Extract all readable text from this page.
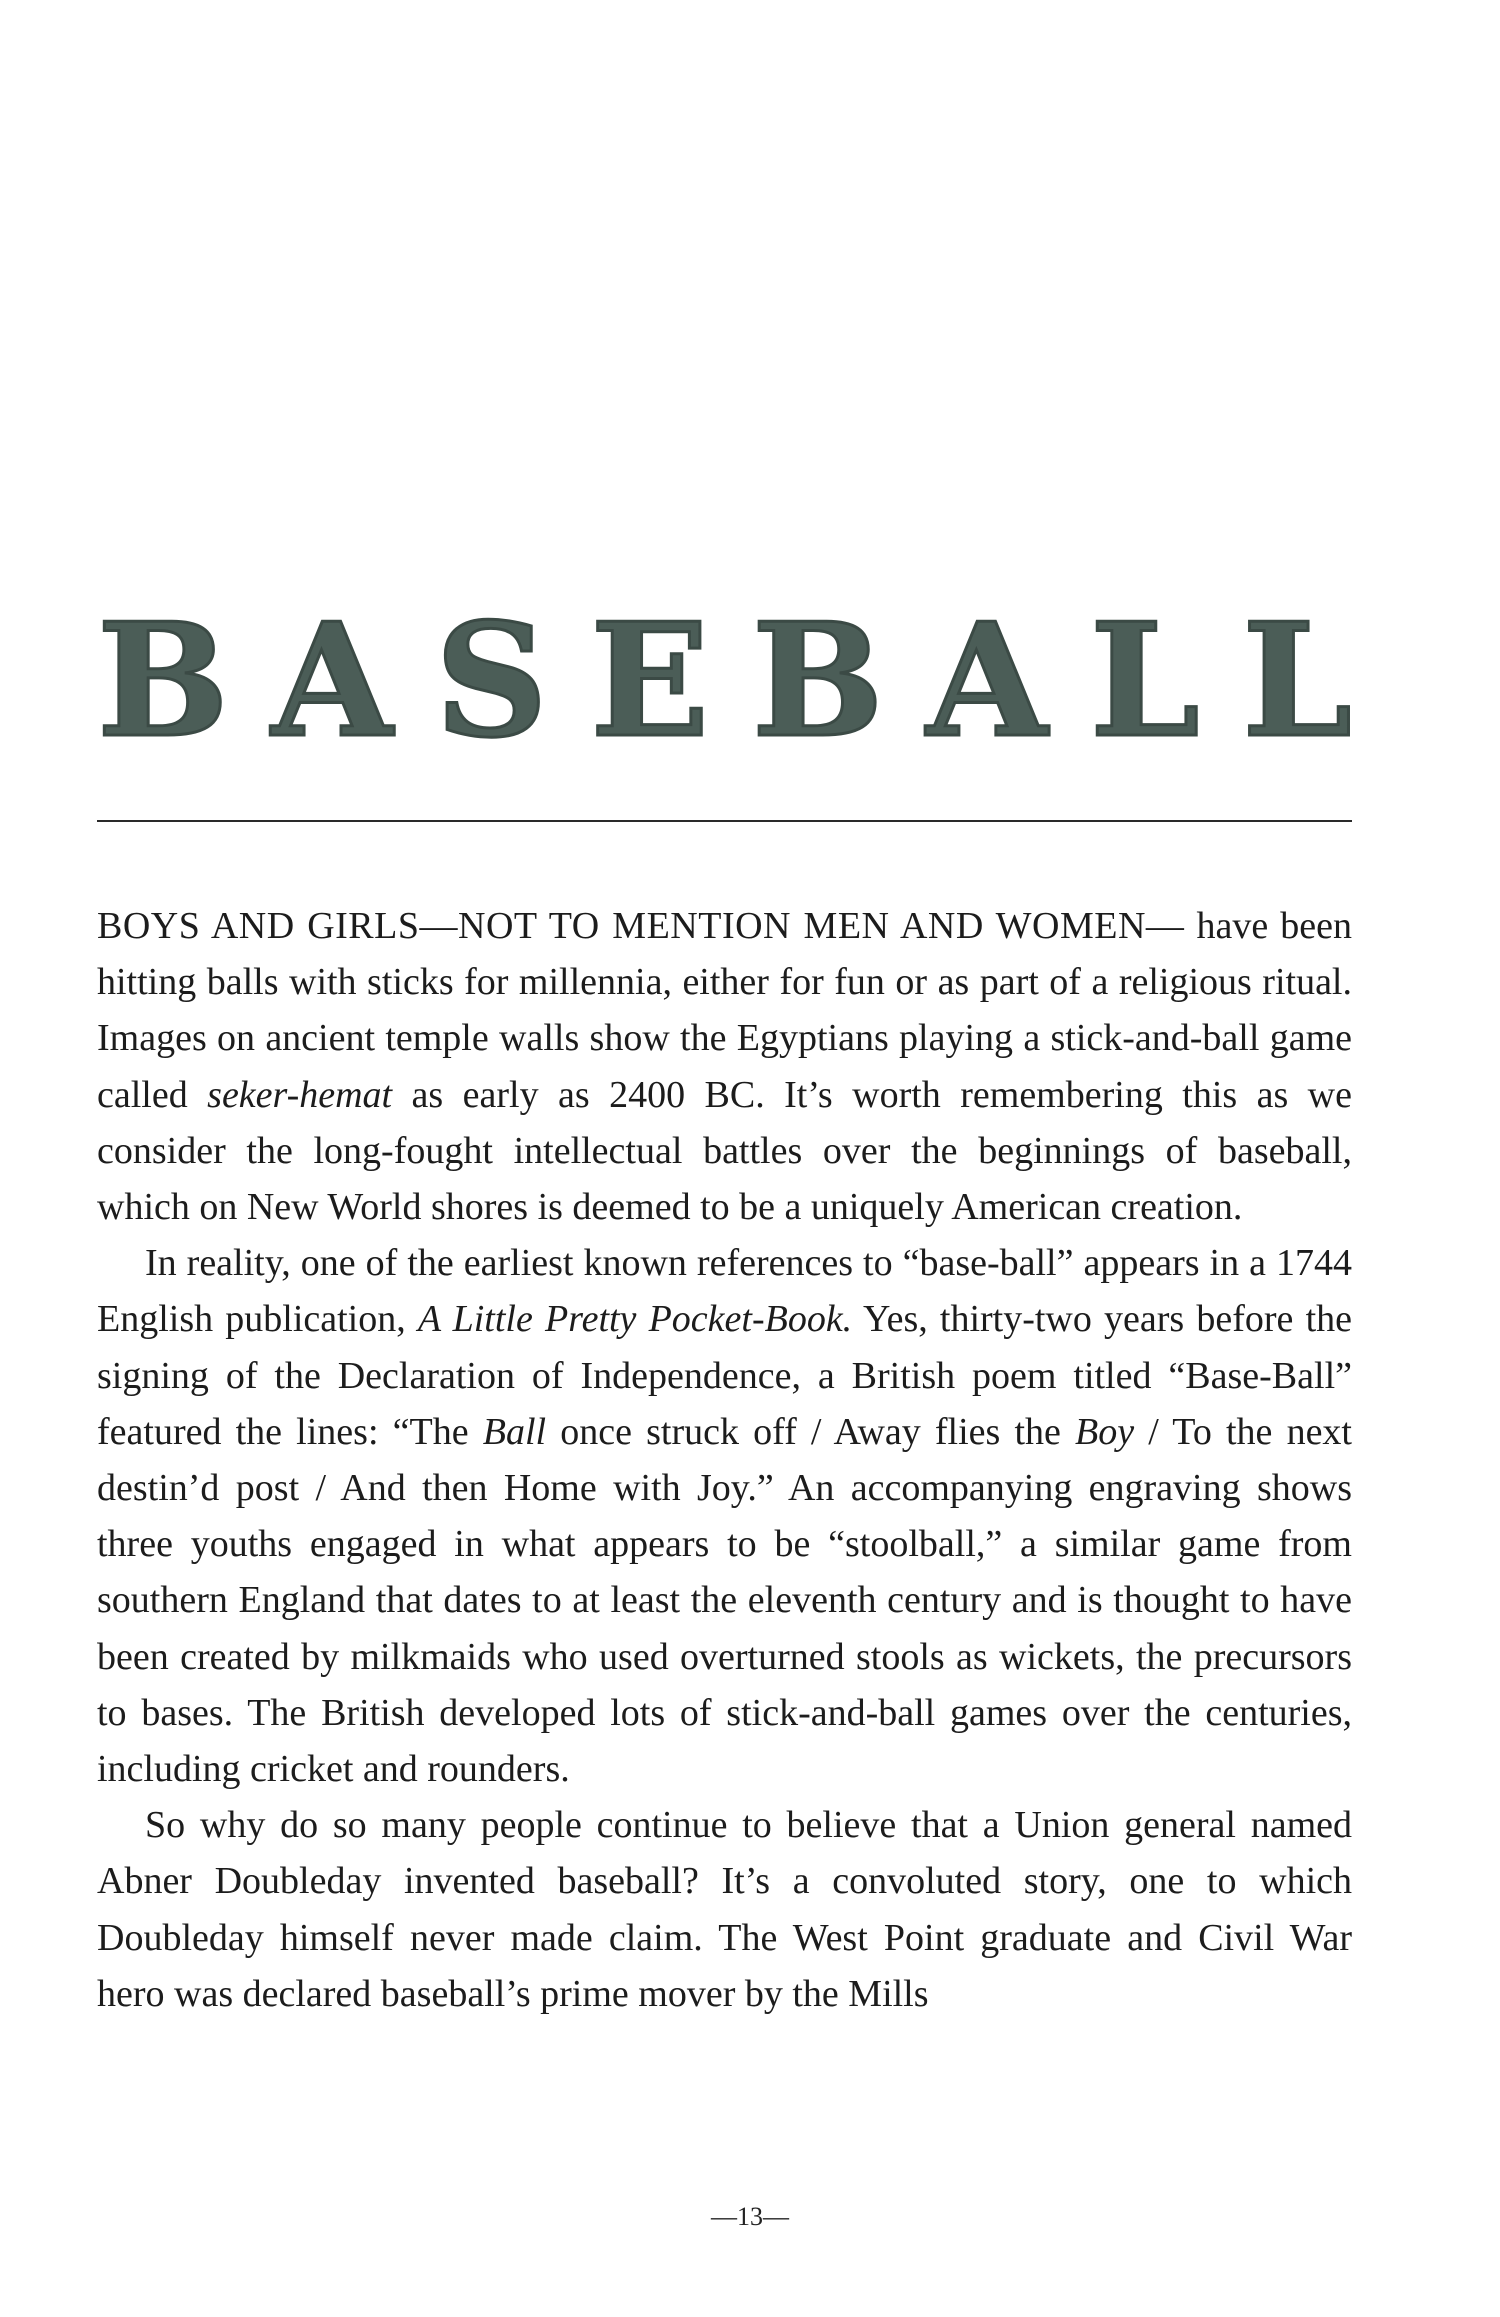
B A S E B A L L

BOYS AND GIRLS—NOT TO MENTION MEN AND WOMEN— have been hitting balls with sticks for millennia, either for fun or as part of a religious ritual. Images on ancient temple walls show the Egyptians playing a stick-and-ball game called seker-hemat as early as 2400 BC. It’s worth remembering this as we consider the long-fought intellectual battles over the beginnings of baseball, which on New World shores is deemed to be a uniquely American creation.

In reality, one of the earliest known references to “base-ball” appears in a 1744 English publication, A Little Pretty Pocket-Book. Yes, thirty-two years before the signing of the Declaration of Independence, a British poem titled “Base-Ball” featured the lines: “The Ball once struck off / Away flies the Boy / To the next destin’d post / And then Home with Joy.” An accompanying engraving shows three youths engaged in what appears to be “stoolball,” a similar game from southern England that dates to at least the eleventh century and is thought to have been created by milkmaids who used overturned stools as wickets, the precursors to bases. The British developed lots of stick-and-ball games over the centuries, including cricket and rounders.

So why do so many people continue to believe that a Union general named Abner Doubleday invented baseball? It’s a convoluted story, one to which Doubleday himself never made claim. The West Point graduate and Civil War hero was declared baseball’s prime mover by the Mills

—13—
